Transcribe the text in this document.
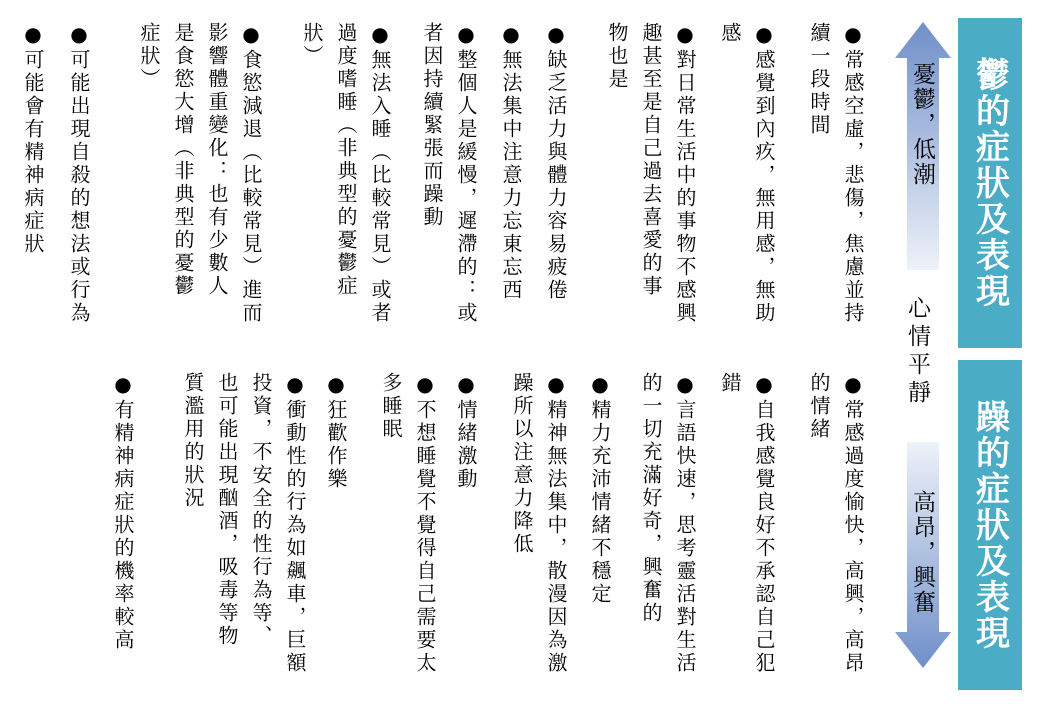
鬱的症狀及表現
躁的症狀及表現
憂鬱，低潮
心情平靜
高昂，興奮
●常感空虛，悲傷，焦慮並持
續一段時間
●感覺到內疚，無用感，無助
感
●對日常生活中的事物不感興
趣甚至是自己過去喜愛的事
物也是
●缺乏活力與體力容易疲倦
●無法集中注意力忘東忘西
●整個人是緩慢，遲滯的：或
者因持續緊張而躁動
●無法入睡（比較常見）或者
過度嗜睡（非典型的憂鬱症
狀）
●食慾減退（比較常見）進而
影響體重變化：也有少數人
是食慾大增（非典型的憂鬱
症狀）
●可能出現自殺的想法或行為
●可能會有精神病症狀
●常感過度愉快，高興，高昂
的情緒
●自我感覺良好不承認自己犯
錯
●言語快速，思考靈活對生活
的一切充滿好奇，興奮的
●精力充沛情緒不穩定
●精神無法集中，散漫因為激
躁所以注意力降低
●情緒激動
●不想睡覺不覺得自己需要太
多睡眠
●狂歡作樂
●衝動性的行為如飆車，巨額
投資，不安全的性行為等、
也可能出現酗酒，吸毒等物
質濫用的狀況
●有精神病症狀的機率較高
